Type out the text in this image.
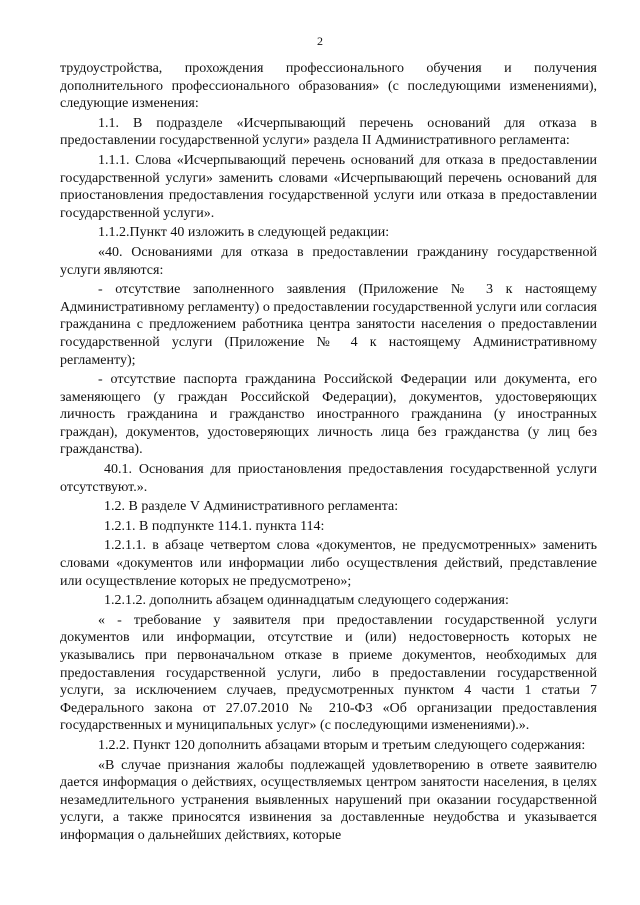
2

трудоустройства, прохождения профессионального обучения и получения дополнительного профессионального образования» (с последующими изменениями), следующие изменения:

1.1. В подразделе «Исчерпывающий перечень оснований для отказа в предоставлении государственной услуги» раздела II Административного регламента:

1.1.1. Слова «Исчерпывающий перечень оснований для отказа в предоставлении государственной услуги» заменить словами «Исчерпывающий перечень оснований для приостановления предоставления государственной услуги или отказа в предоставлении государственной услуги».

1.1.2.Пункт 40 изложить в следующей редакции:

«40. Основаниями для отказа в предоставлении гражданину государственной услуги являются:

- отсутствие заполненного заявления (Приложение № 3 к настоящему Административному регламенту) о предоставлении государственной услуги или согласия гражданина с предложением работника центра занятости населения о предоставлении государственной услуги (Приложение № 4 к настоящему Административному регламенту);

- отсутствие паспорта гражданина Российской Федерации или документа, его заменяющего (у граждан Российской Федерации), документов, удостоверяющих личность гражданина и гражданство иностранного гражданина (у иностранных граждан), документов, удостоверяющих личность лица без гражданства (у лиц без гражданства).

40.1. Основания для приостановления предоставления государственной услуги отсутствуют.».

1.2. В разделе V Административного регламента:

1.2.1. В подпункте 114.1. пункта 114:

1.2.1.1. в абзаце четвертом слова «документов, не предусмотренных» заменить словами «документов или информации либо осуществления действий, представление или осуществление которых не предусмотрено»;

1.2.1.2. дополнить абзацем одиннадцатым следующего содержания:

« - требование у заявителя при предоставлении государственной услуги документов или информации, отсутствие и (или) недостоверность которых не указывались при первоначальном отказе в приеме документов, необходимых для предоставления государственной услуги, либо в предоставлении государственной услуги, за исключением случаев, предусмотренных пунктом 4 части 1 статьи 7 Федерального закона от 27.07.2010 № 210-ФЗ «Об организации предоставления государственных и муниципальных услуг» (с последующими изменениями).».

1.2.2. Пункт 120 дополнить абзацами вторым и третьим следующего содержания:

«В случае признания жалобы подлежащей удовлетворению в ответе заявителю дается информация о действиях, осуществляемых центром занятости населения, в целях незамедлительного устранения выявленных нарушений при оказании государственной услуги, а также приносятся извинения за доставленные неудобства и указывается информация о дальнейших действиях, которые
